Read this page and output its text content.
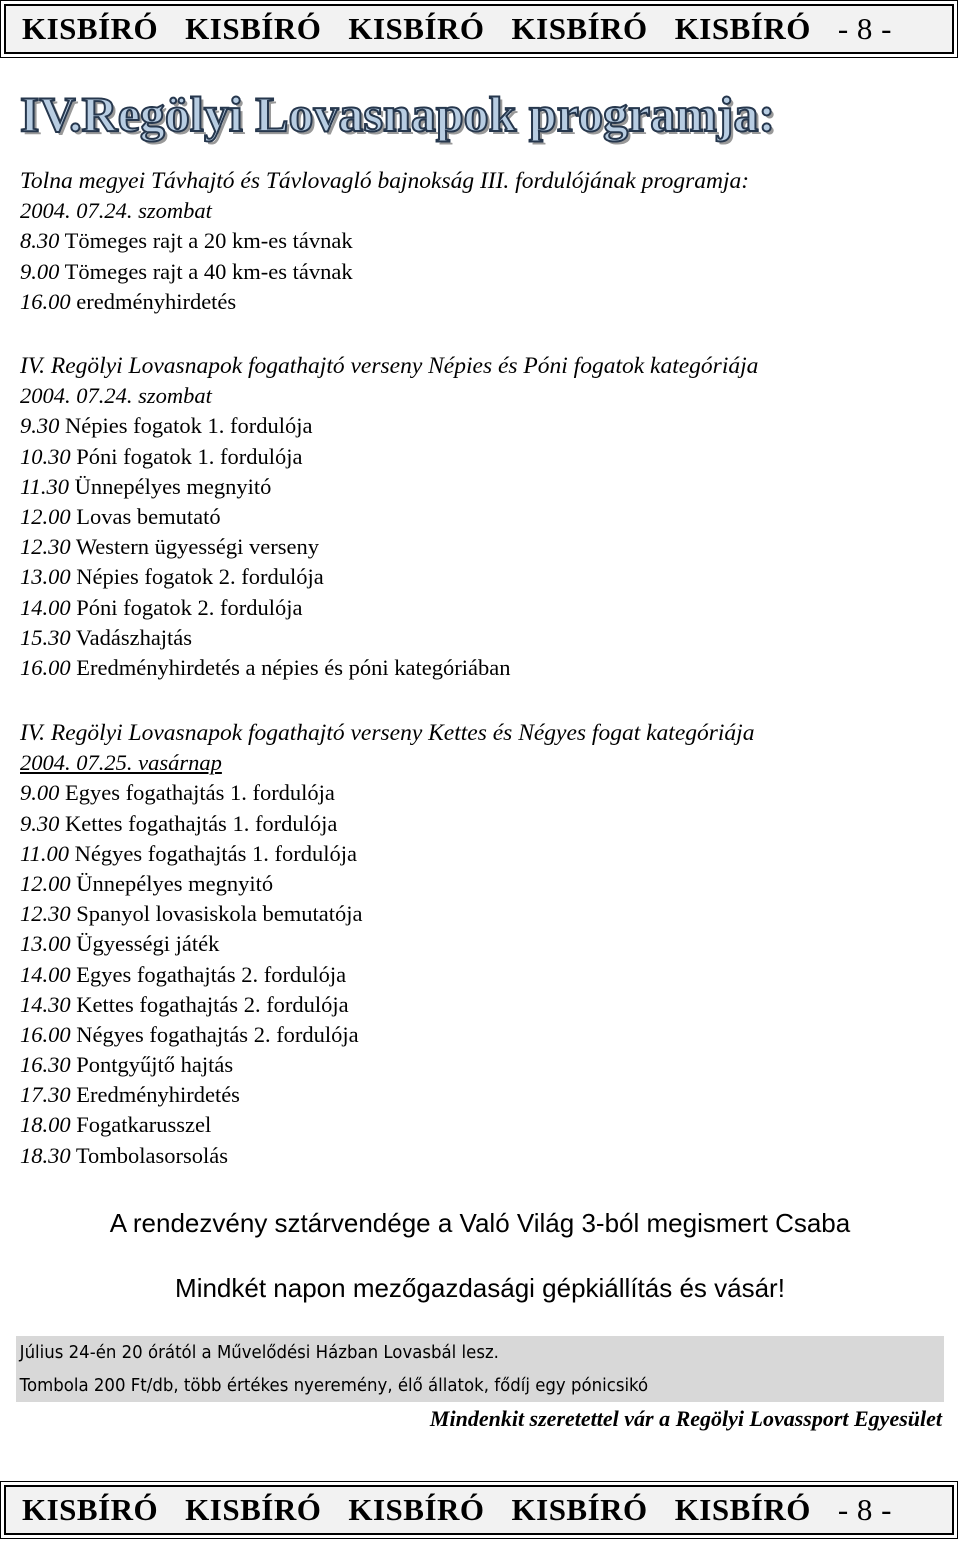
KISBÍRÓ KISBÍRÓ KISBÍRÓ KISBÍRÓ KISBÍRÓ - 8 -
IV.Regölyi Lovasnapok programja:
Tolna megyei Távhajtó és Távlovagló bajnokság III. fordulójának programja:
2004. 07.24. szombat
8.30 Tömeges rajt a 20 km-es távnak
9.00 Tömeges rajt a 40 km-es távnak
16.00 eredményhirdetés
IV. Regölyi Lovasnapok fogathajtó verseny Népies és Póni fogatok kategóriája
2004. 07.24. szombat
9.30 Népies fogatok 1. fordulója
10.30 Póni fogatok 1. fordulója
11.30 Ünnepélyes megnyitó
12.00 Lovas bemutató
12.30 Western ügyességi verseny
13.00 Népies fogatok 2. fordulója
14.00 Póni fogatok 2. fordulója
15.30 Vadászhajtás
16.00 Eredményhirdetés a népies és póni kategóriában
IV. Regölyi Lovasnapok fogathajtó verseny Kettes és Négyes fogat kategóriája
2004. 07.25. vasárnap
9.00 Egyes fogathajtás 1. fordulója
9.30 Kettes fogathajtás 1. fordulója
11.00 Négyes fogathajtás 1. fordulója
12.00 Ünnepélyes megnyitó
12.30 Spanyol lovasiskola bemutatója
13.00 Ügyességi játék
14.00 Egyes fogathajtás 2. fordulója
14.30 Kettes fogathajtás 2. fordulója
16.00 Négyes fogathajtás 2. fordulója
16.30 Pontgyűjtő hajtás
17.30 Eredményhirdetés
18.00 Fogatkarusszel
18.30 Tombolasorsolás
A rendezvény sztárvendége a Való Világ 3-ból megismert Csaba
Mindkét napon mezőgazdasági gépkiállítás és vásár!
Július 24-én 20 órától a Művelődési Házban Lovasbál lesz.
Tombola 200 Ft/db, több értékes nyeremény, élő állatok, fődíj egy pónicsikó
Mindenkit szeretettel vár a Regölyi Lovassport Egyesület
KISBÍRÓ KISBÍRÓ KISBÍRÓ KISBÍRÓ KISBÍRÓ - 8 -
